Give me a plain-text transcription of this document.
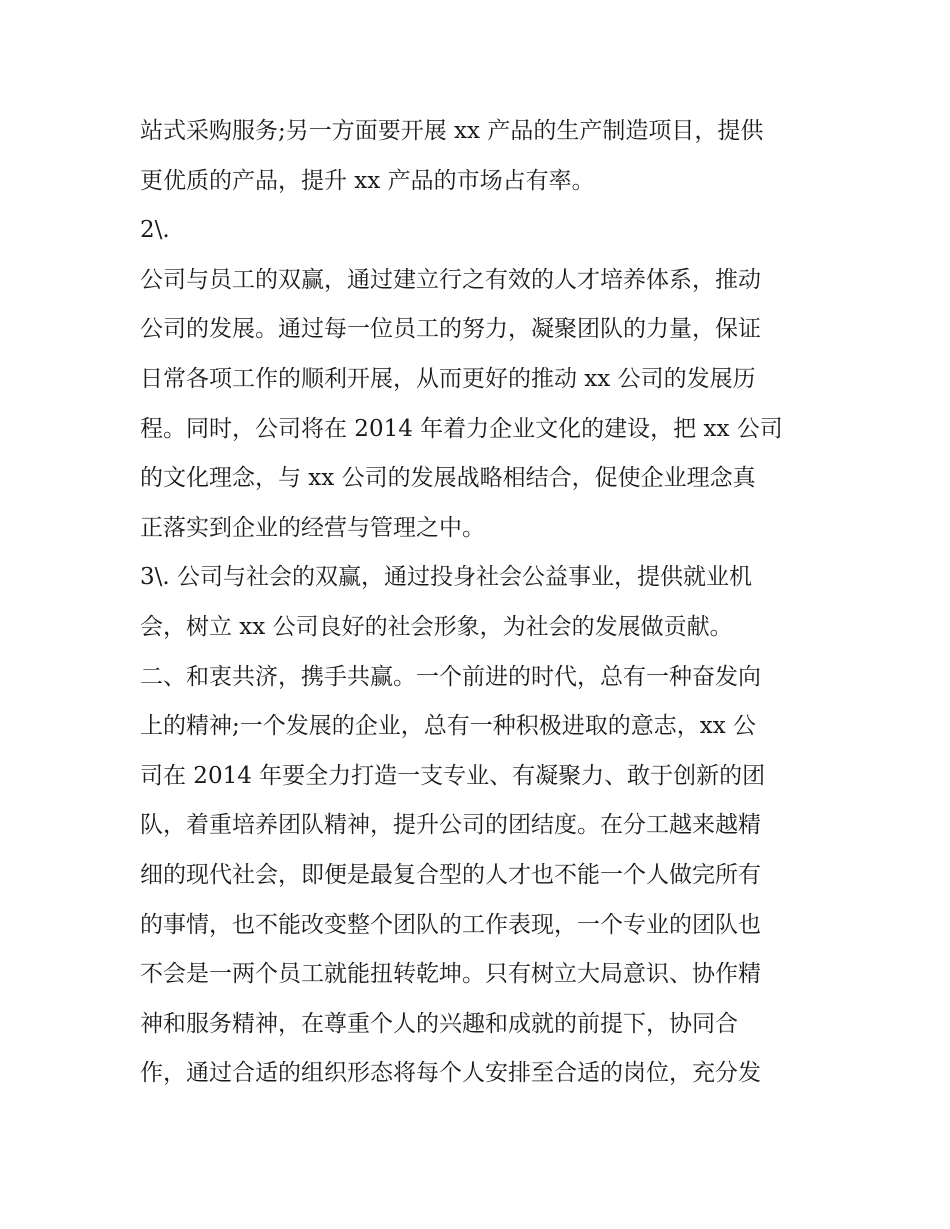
站式采购服务;另一方面要开展 xx 产品的生产制造项目，提供
更优质的产品，提升 xx 产品的市场占有率。
2\.
公司与员工的双赢，通过建立行之有效的人才培养体系，推动
公司的发展。通过每一位员工的努力，凝聚团队的力量，保证
日常各项工作的顺利开展，从而更好的推动 xx 公司的发展历
程。同时，公司将在 2014 年着力企业文化的建设，把 xx 公司
的文化理念，与 xx 公司的发展战略相结合，促使企业理念真
正落实到企业的经营与管理之中。
3\. 公司与社会的双赢，通过投身社会公益事业，提供就业机
会，树立 xx 公司良好的社会形象，为社会的发展做贡献。
二、和衷共济，携手共赢。一个前进的时代，总有一种奋发向
上的精神;一个发展的企业，总有一种积极进取的意志，xx 公
司在 2014 年要全力打造一支专业、有凝聚力、敢于创新的团
队，着重培养团队精神，提升公司的团结度。在分工越来越精
细的现代社会，即便是最复合型的人才也不能一个人做完所有
的事情，也不能改变整个团队的工作表现，一个专业的团队也
不会是一两个员工就能扭转乾坤。只有树立大局意识、协作精
神和服务精神，在尊重个人的兴趣和成就的前提下，协同合
作，通过合适的组织形态将每个人安排至合适的岗位，充分发
